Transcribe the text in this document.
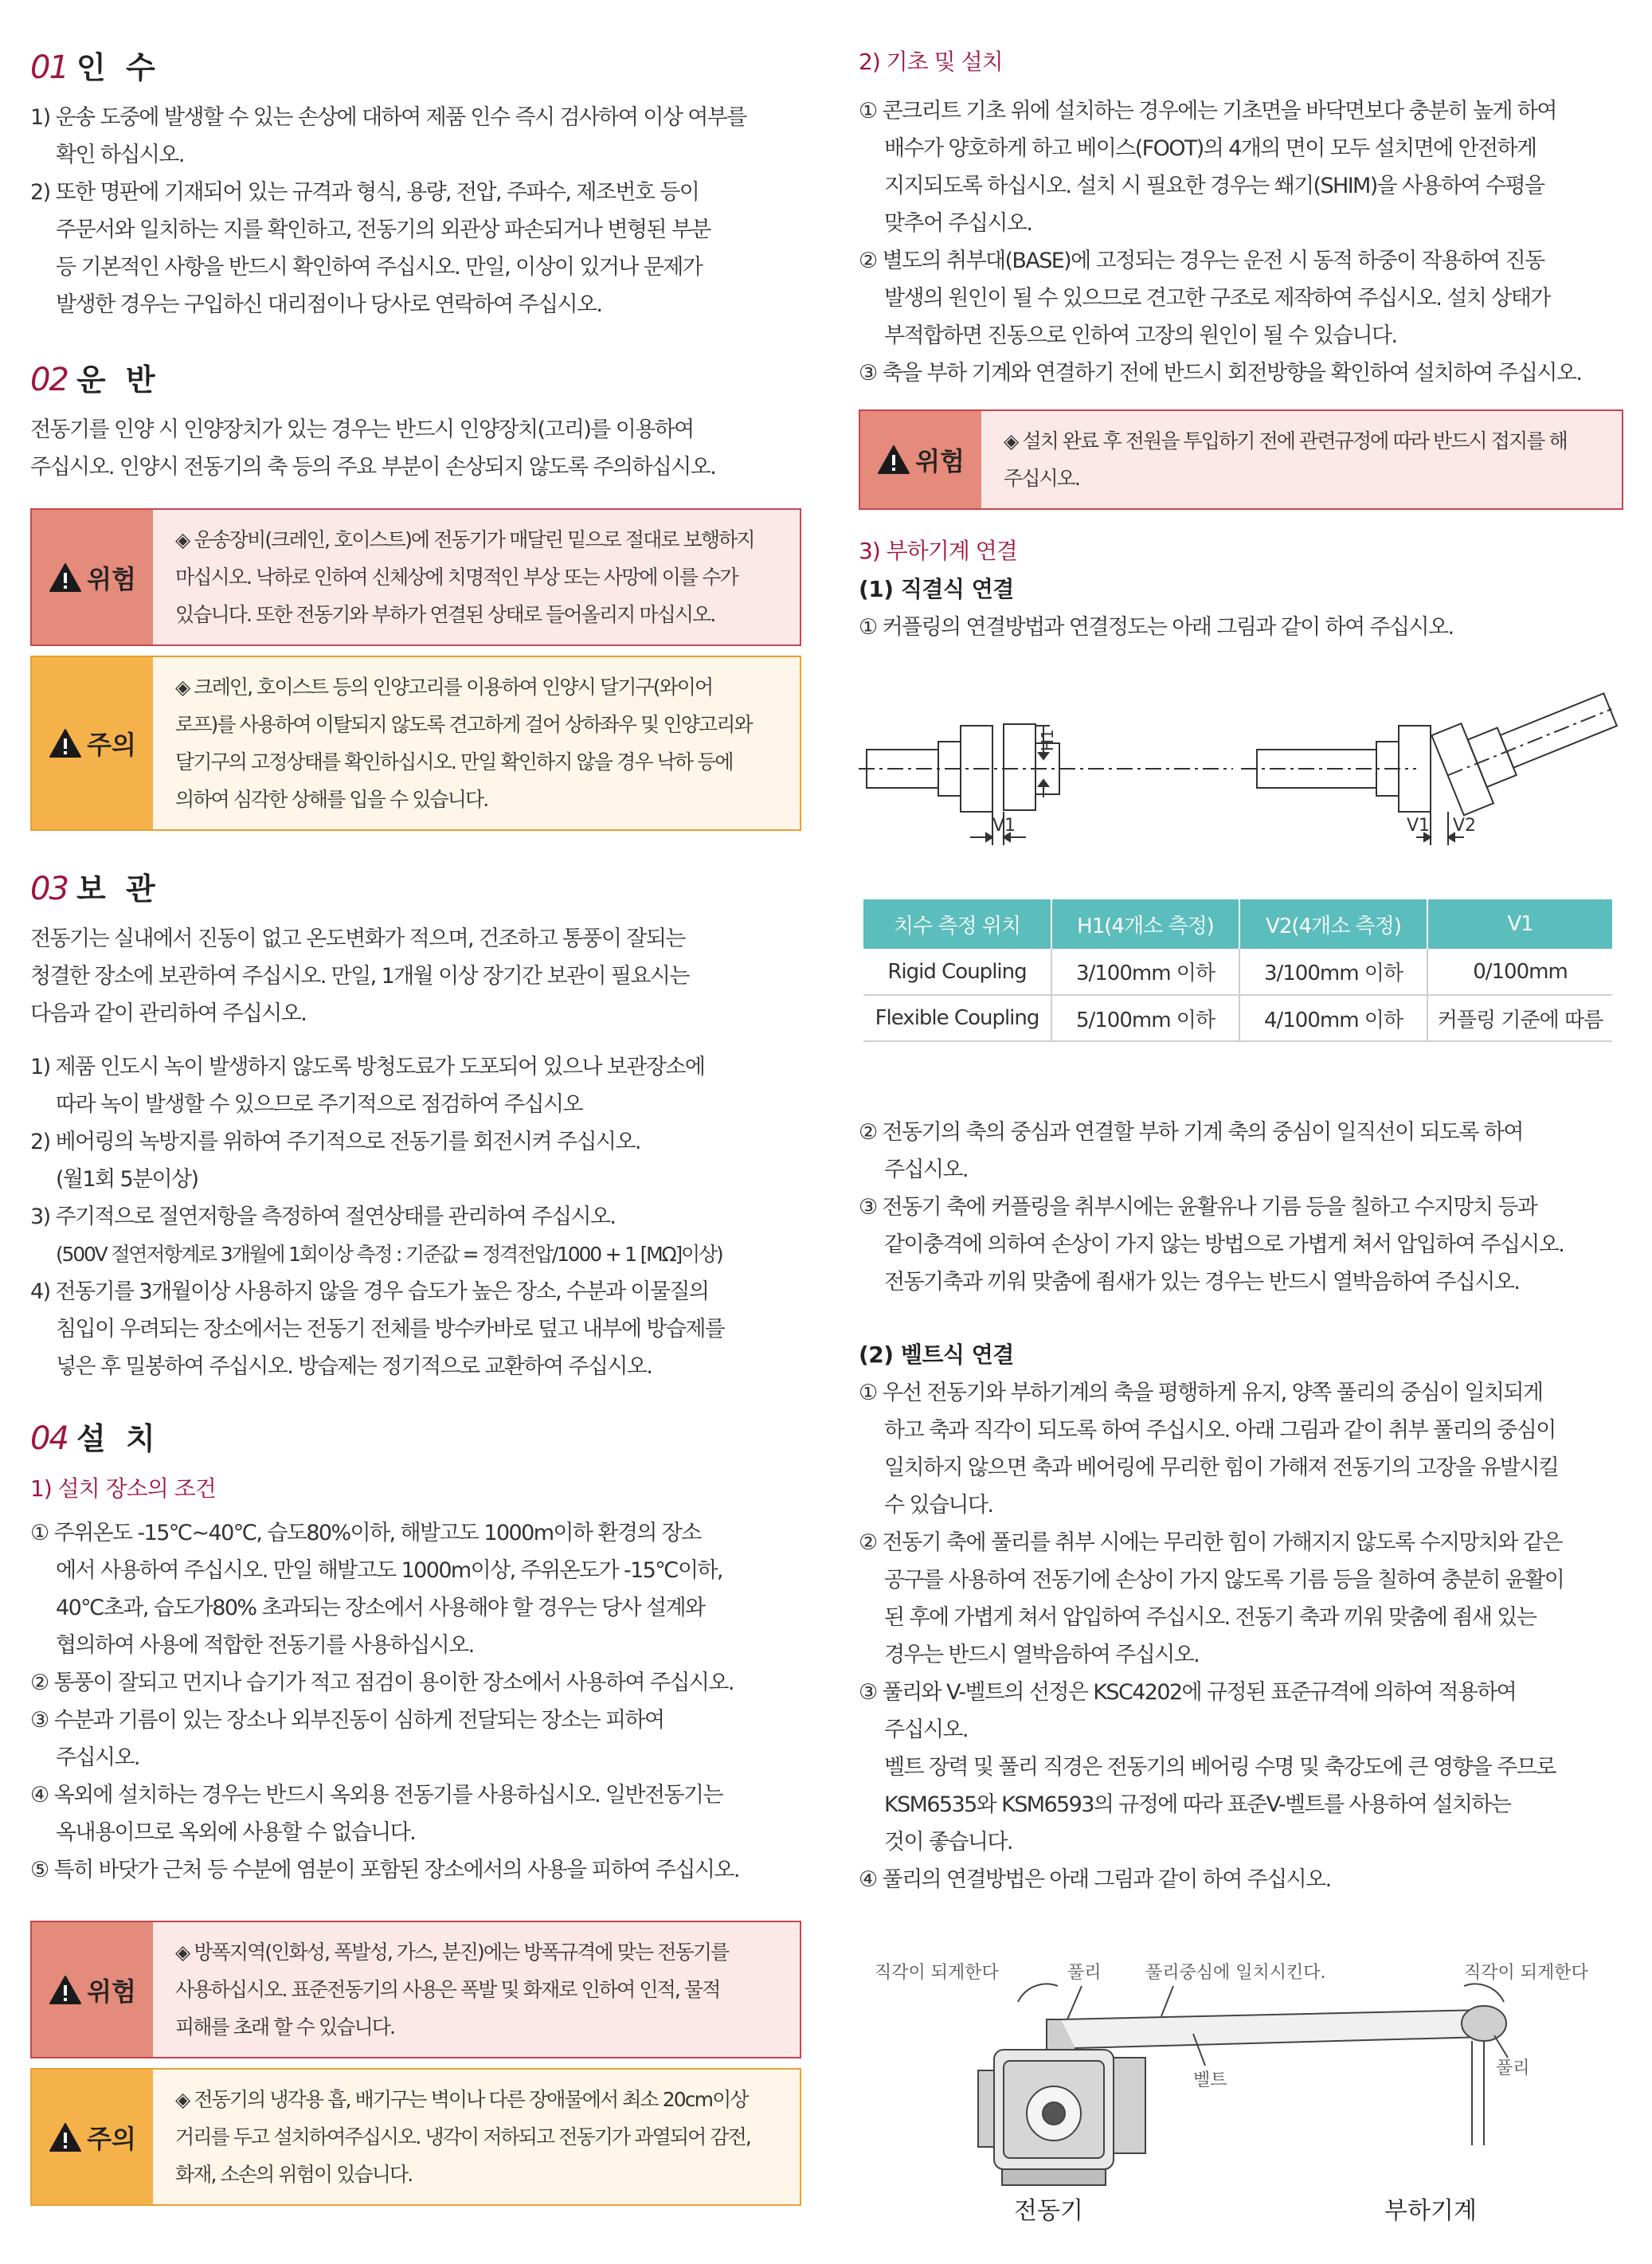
01 인 수
1) 운송 도중에 발생할 수 있는 손상에 대하여 제품 인수 즉시 검사하여 이상 여부를
확인 하십시오.
2) 또한 명판에 기재되어 있는 규격과 형식, 용량, 전압, 주파수, 제조번호 등이
주문서와 일치하는 지를 확인하고, 전동기의 외관상 파손되거나 변형된 부분
등 기본적인 사항을 반드시 확인하여 주십시오. 만일, 이상이 있거나 문제가
발생한 경우는 구입하신 대리점이나 당사로 연락하여 주십시오.
02 운 반
전동기를 인양 시 인양장치가 있는 경우는 반드시 인양장치(고리)를 이용하여
주십시오. 인양시 전동기의 축 등의 주요 부분이 손상되지 않도록 주의하십시오.
위험
◈ 운송장비(크레인, 호이스트)에 전동기가 매달린 밑으로 절대로 보행하지
마십시오. 낙하로 인하여 신체상에 치명적인 부상 또는 사망에 이를 수가
있습니다. 또한 전동기와 부하가 연결된 상태로 들어올리지 마십시오.
주의
◈ 크레인, 호이스트 등의 인양고리를 이용하여 인양시 달기구(와이어
로프)를 사용하여 이탈되지 않도록 견고하게 걸어 상하좌우 및 인양고리와
달기구의 고정상태를 확인하십시오. 만일 확인하지 않을 경우 낙하 등에
의하여 심각한 상해를 입을 수 있습니다.
03 보 관
전동기는 실내에서 진동이 없고 온도변화가 적으며, 건조하고 통풍이 잘되는
청결한 장소에 보관하여 주십시오. 만일, 1개월 이상 장기간 보관이 필요시는
다음과 같이 관리하여 주십시오.
1) 제품 인도시 녹이 발생하지 않도록 방청도료가 도포되어 있으나 보관장소에
따라 녹이 발생할 수 있으므로 주기적으로 점검하여 주십시오
2) 베어링의 녹방지를 위하여 주기적으로 전동기를 회전시켜 주십시오.
(월1회 5분이상)
3) 주기적으로 절연저항을 측정하여 절연상태를 관리하여 주십시오.
(500V 절연저항계로 3개월에 1회이상 측정 : 기준값 = 정격전압/1000 + 1 [MΩ]이상)
4) 전동기를 3개월이상 사용하지 않을 경우 습도가 높은 장소, 수분과 이물질의
침입이 우려되는 장소에서는 전동기 전체를 방수카바로 덮고 내부에 방습제를
넣은 후 밀봉하여 주십시오. 방습제는 정기적으로 교환하여 주십시오.
04 설 치
1) 설치 장소의 조건
① 주위온도 -15℃~40℃, 습도80%이하, 해발고도 1000m이하 환경의 장소
에서 사용하여 주십시오. 만일 해발고도 1000m이상, 주위온도가 -15℃이하,
40℃초과, 습도가80% 초과되는 장소에서 사용해야 할 경우는 당사 설계와
협의하여 사용에 적합한 전동기를 사용하십시오.
② 통풍이 잘되고 먼지나 습기가 적고 점검이 용이한 장소에서 사용하여 주십시오.
③ 수분과 기름이 있는 장소나 외부진동이 심하게 전달되는 장소는 피하여
주십시오.
④ 옥외에 설치하는 경우는 반드시 옥외용 전동기를 사용하십시오. 일반전동기는
옥내용이므로 옥외에 사용할 수 없습니다.
⑤ 특히 바닷가 근처 등 수분에 염분이 포함된 장소에서의 사용을 피하여 주십시오.
위험
◈ 방폭지역(인화성, 폭발성, 가스, 분진)에는 방폭규격에 맞는 전동기를
사용하십시오. 표준전동기의 사용은 폭발 및 화재로 인하여 인적, 물적
피해를 초래 할 수 있습니다.
주의
◈ 전동기의 냉각용 흡, 배기구는 벽이나 다른 장애물에서 최소 20cm이상
거리를 두고 설치하여주십시오. 냉각이 저하되고 전동기가 과열되어 감전,
화재, 소손의 위험이 있습니다.
2) 기초 및 설치
① 콘크리트 기초 위에 설치하는 경우에는 기초면을 바닥면보다 충분히 높게 하여
배수가 양호하게 하고 베이스(FOOT)의 4개의 면이 모두 설치면에 안전하게
지지되도록 하십시오. 설치 시 필요한 경우는 쐐기(SHIM)을 사용하여 수평을
맞추어 주십시오.
② 별도의 취부대(BASE)에 고정되는 경우는 운전 시 동적 하중이 작용하여 진동
발생의 원인이 될 수 있으므로 견고한 구조로 제작하여 주십시오. 설치 상태가
부적합하면 진동으로 인하여 고장의 원인이 될 수 있습니다.
③ 축을 부하 기계와 연결하기 전에 반드시 회전방향을 확인하여 설치하여 주십시오.
위험
◈ 설치 완료 후 전원을 투입하기 전에 관련규정에 따라 반드시 접지를 해
주십시오.
3) 부하기계 연결
(1) 직결식 연결
① 커플링의 연결방법과 연결정도는 아래 그림과 같이 하여 주십시오.
H1
V1	V1 V2
치수 측정 위치	H1(4개소 측정)	V2(4개소 측정)	V1
Rigid Coupling	3/100mm 이하	3/100mm 이하	0/100mm
Flexible Coupling	5/100mm 이하	4/100mm 이하	커플링 기준에 따름
② 전동기의 축의 중심과 연결할 부하 기계 축의 중심이 일직선이 되도록 하여
주십시오.
③ 전동기 축에 커플링을 취부시에는 윤활유나 기름 등을 칠하고 수지망치 등과
같이충격에 의하여 손상이 가지 않는 방법으로 가볍게 쳐서 압입하여 주십시오.
전동기축과 끼워 맞춤에 죔새가 있는 경우는 반드시 열박음하여 주십시오.
(2) 벨트식 연결
① 우선 전동기와 부하기계의 축을 평행하게 유지, 양쪽 풀리의 중심이 일치되게
하고 축과 직각이 되도록 하여 주십시오. 아래 그림과 같이 취부 풀리의 중심이
일치하지 않으면 축과 베어링에 무리한 힘이 가해져 전동기의 고장을 유발시킬
수 있습니다.
② 전동기 축에 풀리를 취부 시에는 무리한 힘이 가해지지 않도록 수지망치와 같은
공구를 사용하여 전동기에 손상이 가지 않도록 기름 등을 칠하여 충분히 윤활이
된 후에 가볍게 쳐서 압입하여 주십시오. 전동기 축과 끼워 맞춤에 죔새 있는
경우는 반드시 열박음하여 주십시오.
③ 풀리와 V-벨트의 선정은 KSC4202에 규정된 표준규격에 의하여 적용하여
주십시오.
벨트 장력 및 풀리 직경은 전동기의 베어링 수명 및 축강도에 큰 영향을 주므로
KSM6535와 KSM6593의 규정에 따라 표준V-벨트를 사용하여 설치하는
것이 좋습니다.
④ 풀리의 연결방법은 아래 그림과 같이 하여 주십시오.
직각이 되게한다	풀리	풀리중심에 일치시킨다.	직각이 되게한다
벨트
풀리
전동기	부하기계
